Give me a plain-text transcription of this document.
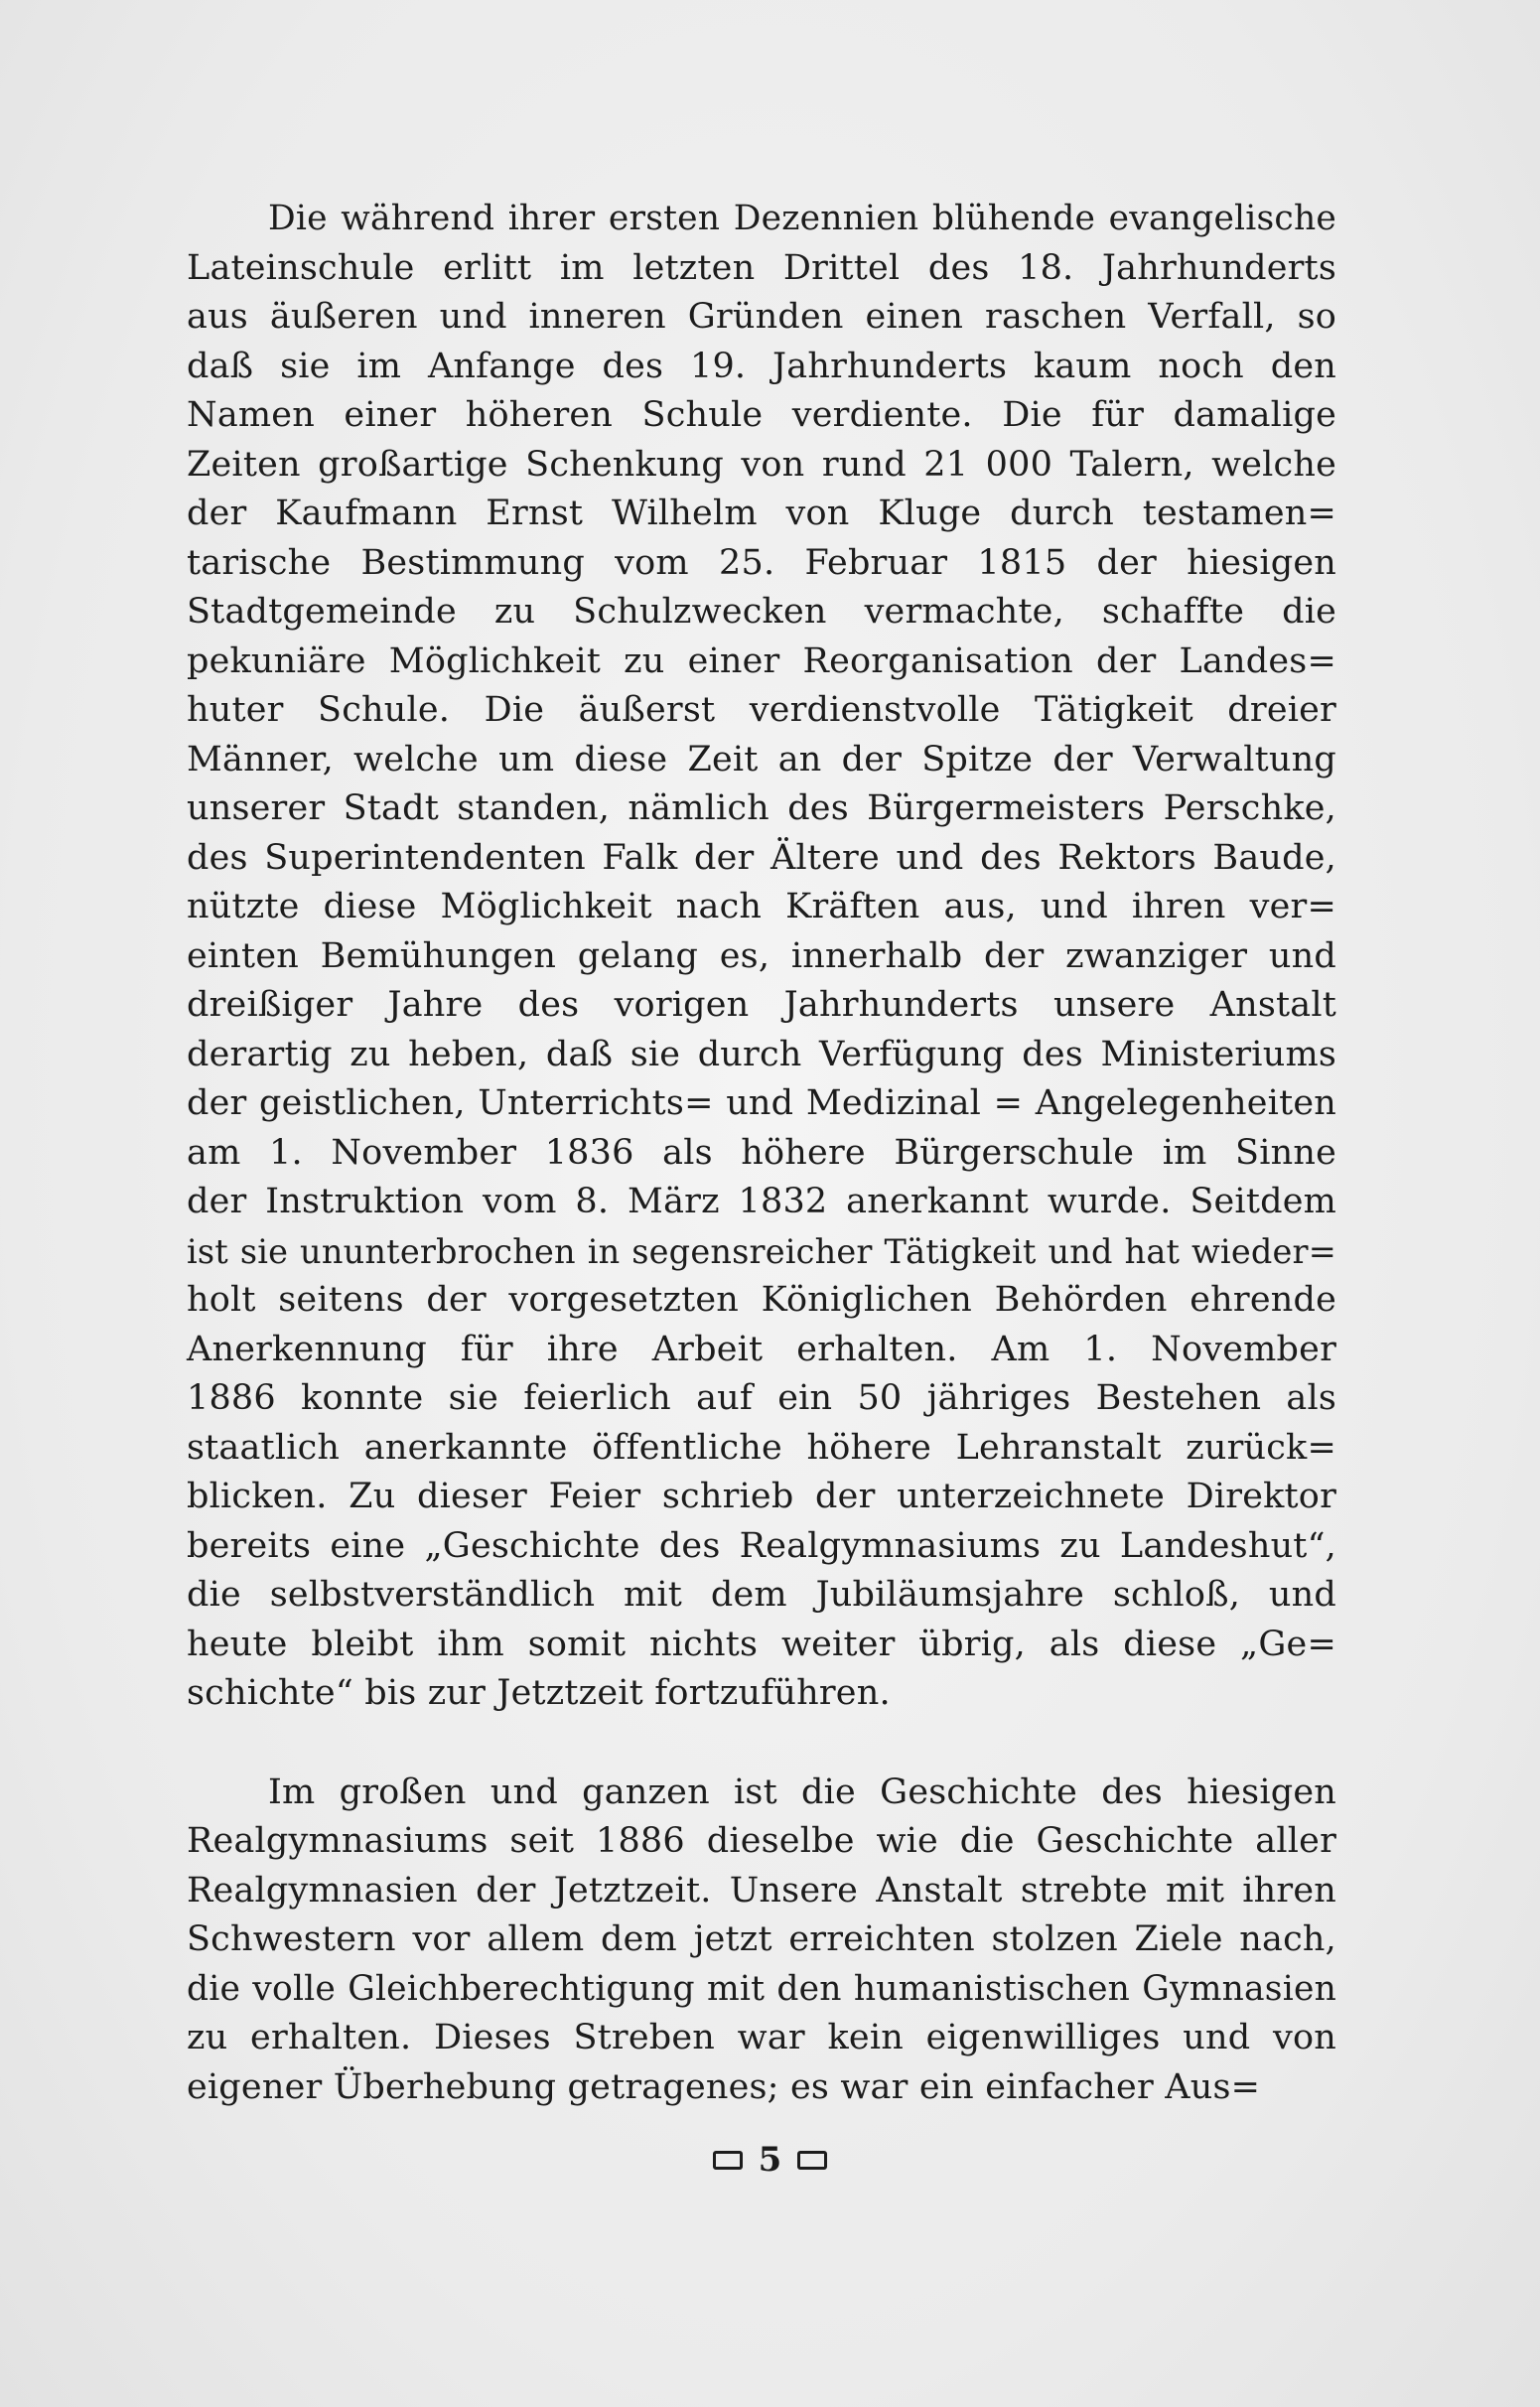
Die während ihrer ersten Dezennien blühende evangelische
Lateinschule erlitt im letzten Drittel des 18. Jahrhunderts
aus äußeren und inneren Gründen einen raschen Verfall, so
daß sie im Anfange des 19. Jahrhunderts kaum noch den
Namen einer höheren Schule verdiente. Die für damalige
Zeiten großartige Schenkung von rund 21 000 Talern, welche
der Kaufmann Ernst Wilhelm von Kluge durch testamen=
tarische Bestimmung vom 25. Februar 1815 der hiesigen
Stadtgemeinde zu Schulzwecken vermachte, schaffte die
pekuniäre Möglichkeit zu einer Reorganisation der Landes=
huter Schule. Die äußerst verdienstvolle Tätigkeit dreier
Männer, welche um diese Zeit an der Spitze der Verwaltung
unserer Stadt standen, nämlich des Bürgermeisters Perschke,
des Superintendenten Falk der Ältere und des Rektors Baude,
nützte diese Möglichkeit nach Kräften aus, und ihren ver=
einten Bemühungen gelang es, innerhalb der zwanziger und
dreißiger Jahre des vorigen Jahrhunderts unsere Anstalt
derartig zu heben, daß sie durch Verfügung des Ministeriums
der geistlichen, Unterrichts= und Medizinal = Angelegenheiten
am 1. November 1836 als höhere Bürgerschule im Sinne
der Instruktion vom 8. März 1832 anerkannt wurde. Seitdem
ist sie ununterbrochen in segensreicher Tätigkeit und hat wieder=
holt seitens der vorgesetzten Königlichen Behörden ehrende
Anerkennung für ihre Arbeit erhalten. Am 1. November
1886 konnte sie feierlich auf ein 50 jähriges Bestehen als
staatlich anerkannte öffentliche höhere Lehranstalt zurück=
blicken. Zu dieser Feier schrieb der unterzeichnete Direktor
bereits eine „Geschichte des Realgymnasiums zu Landeshut“,
die selbstverständlich mit dem Jubiläumsjahre schloß, und
heute bleibt ihm somit nichts weiter übrig, als diese „Ge=
schichte“ bis zur Jetztzeit fortzuführen.
Im großen und ganzen ist die Geschichte des hiesigen
Realgymnasiums seit 1886 dieselbe wie die Geschichte aller
Realgymnasien der Jetztzeit. Unsere Anstalt strebte mit ihren
Schwestern vor allem dem jetzt erreichten stolzen Ziele nach,
die volle Gleichberechtigung mit den humanistischen Gymnasien
zu erhalten. Dieses Streben war kein eigenwilliges und von
eigener Überhebung getragenes; es war ein einfacher Aus=
5
